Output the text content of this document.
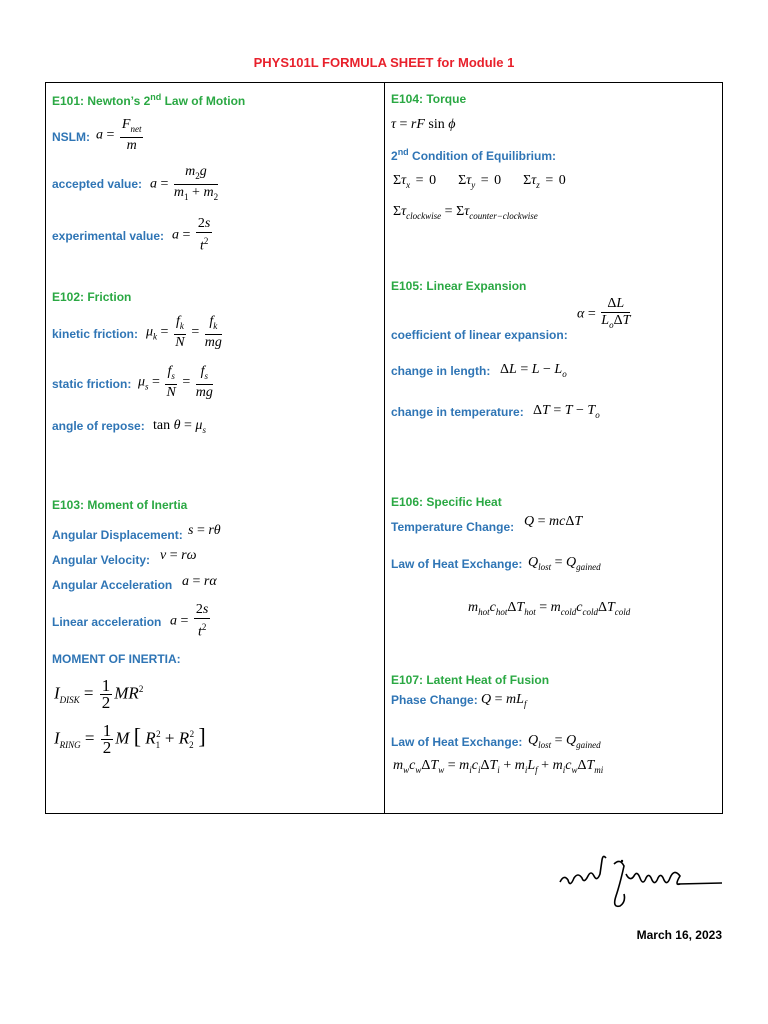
PHYS101L FORMULA SHEET for Module 1
E101: Newton’s 2nd Law of Motion
NSLM: $a = \frac{F_{net}}{m}$
accepted value: $a = \frac{m_2g}{m_1 + m_2}$
experimental value: $a = \frac{2s}{t^2}$
E102: Friction
kinetic friction: $\mu_k = \frac{f_k}{N} = \frac{f_k}{mg}$
static friction: $\mu_s = \frac{f_s}{N} = \frac{f_s}{mg}$
angle of repose: $\tan \theta = \mu_s$
E103: Moment of Inertia
Angular Displacement: s = rθ
Angular Velocity: v = rω
Angular Acceleration a = rα
Linear acceleration $a = \frac{2s}{t^2}$
MOMENT OF INERTIA:
$I_{DISK} = \frac{1}{2} MR^2$
$I_{RING} = \frac{1}{2}$ M [ $R_1^2 + R_2^2$ ]
E104: Torque
τ = rF sin ϕ
2nd Condition of Equilibrium:
$\Sigma\tau_x = 0$    $\Sigma\tau_y = 0$    $\Sigma\tau_z = 0$
$\Sigma\tau_{clockwise} = \Sigma\tau_{counter-clockwise}$
E105: Linear Expansion
$\alpha = \frac{\Delta L}{L_o\Delta T}$
coefficient of linear expansion:
change in length: $\Delta L = L - L_o$
change in temperature: $\Delta T = T - T_o$
E106: Specific Heat
Temperature Change: Q = mcΔT
Law of Heat Exchange: $Q_{lost} = Q_{gained}$
$m_{hot}c_{hot}\Delta T_{hot} = m_{cold}c_{cold}\Delta T_{cold}$
E107: Latent Heat of Fusion
Phase Change: $Q = mL_f$
Law of Heat Exchange: $Q_{lost} = Q_{gained}$
$m_wc_w\Delta T_w = m_ic_i\Delta T_i + m_iL_f + m_ic_w\Delta T_{mi}$
March 16, 2023
